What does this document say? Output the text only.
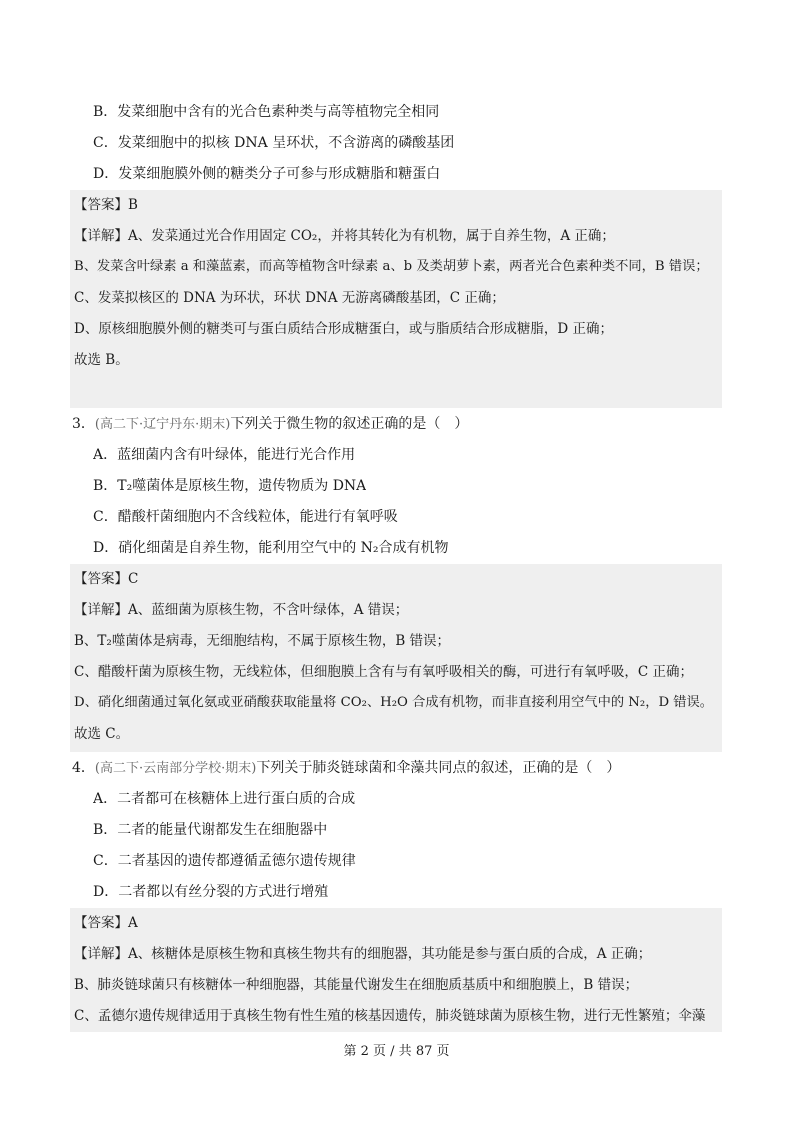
B．发菜细胞中含有的光合色素种类与高等植物完全相同
C．发菜细胞中的拟核 DNA 呈环状，不含游离的磷酸基团
D．发菜细胞膜外侧的糖类分子可参与形成糖脂和糖蛋白
【答案】B
【详解】A、发菜通过光合作用固定 CO₂，并将其转化为有机物，属于自养生物，A 正确；
B、发菜含叶绿素 a 和藻蓝素，而高等植物含叶绿素 a、b 及类胡萝卜素，两者光合色素种类不同，B 错误；
C、发菜拟核区的 DNA 为环状，环状 DNA 无游离磷酸基团，C 正确；
D、原核细胞膜外侧的糖类可与蛋白质结合形成糖蛋白，或与脂质结合形成糖脂，D 正确；
故选 B。
3．(高二下·辽宁丹东·期末)下列关于微生物的叙述正确的是（　）
A．蓝细菌内含有叶绿体，能进行光合作用
B．T₂噬菌体是原核生物，遗传物质为 DNA
C．醋酸杆菌细胞内不含线粒体，能进行有氧呼吸
D．硝化细菌是自养生物，能利用空气中的 N₂合成有机物
【答案】C
【详解】A、蓝细菌为原核生物，不含叶绿体，A 错误；
B、T₂噬菌体是病毒，无细胞结构，不属于原核生物，B 错误；
C、醋酸杆菌为原核生物，无线粒体，但细胞膜上含有与有氧呼吸相关的酶，可进行有氧呼吸，C 正确；
D、硝化细菌通过氧化氨或亚硝酸获取能量将 CO₂、H₂O 合成有机物，而非直接利用空气中的 N₂，D 错误。
故选 C。
4．(高二下·云南部分学校·期末)下列关于肺炎链球菌和伞藻共同点的叙述，正确的是（　）
A．二者都可在核糖体上进行蛋白质的合成
B．二者的能量代谢都发生在细胞器中
C．二者基因的遗传都遵循孟德尔遗传规律
D．二者都以有丝分裂的方式进行增殖
【答案】A
【详解】A、核糖体是原核生物和真核生物共有的细胞器，其功能是参与蛋白质的合成，A 正确；
B、肺炎链球菌只有核糖体一种细胞器，其能量代谢发生在细胞质基质中和细胞膜上，B 错误；
C、孟德尔遗传规律适用于真核生物有性生殖的核基因遗传，肺炎链球菌为原核生物，进行无性繁殖；伞藻
第 2 页 / 共 87 页
